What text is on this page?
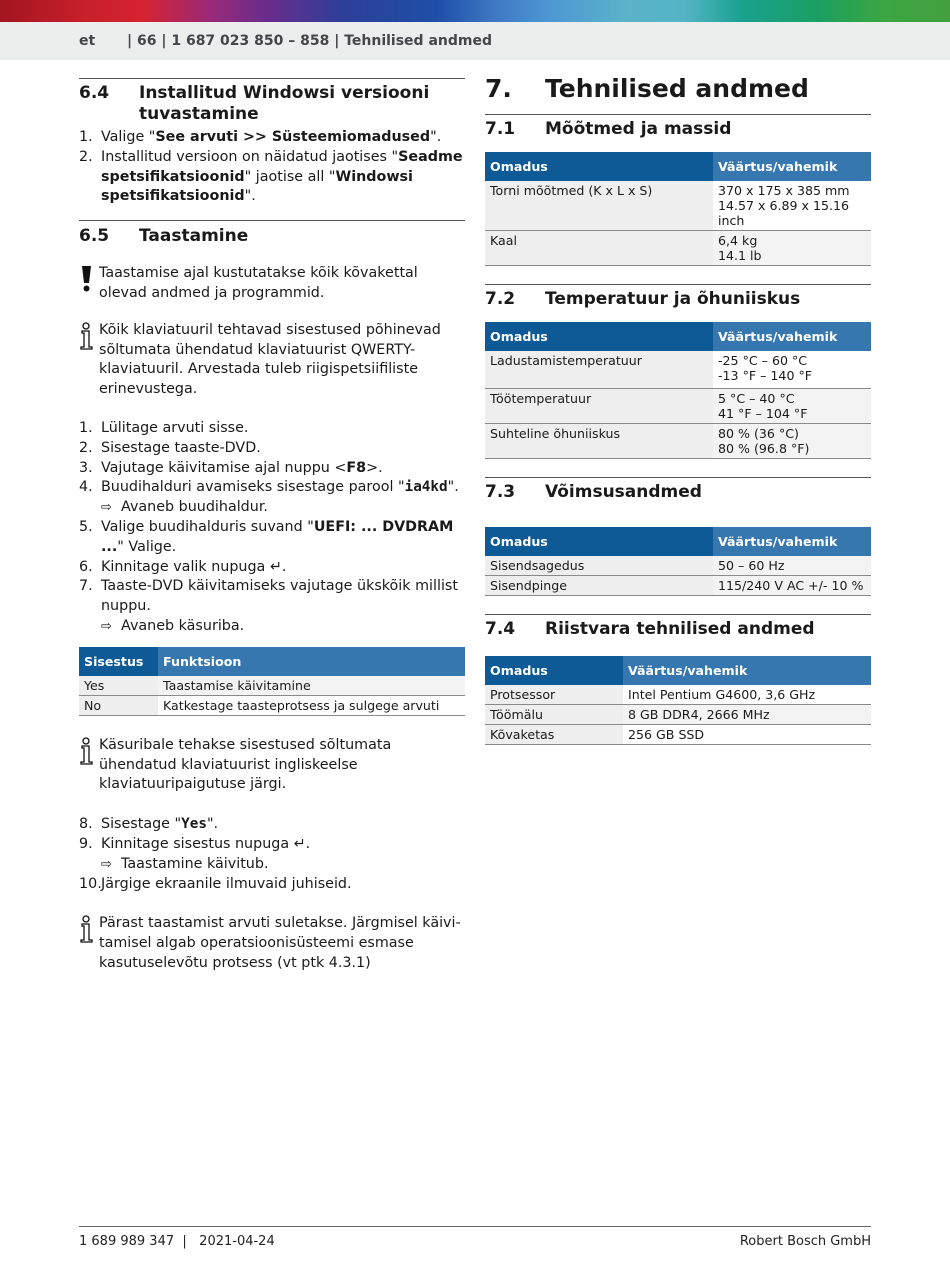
et | 66 | 1 687 023 850 – 858 | Tehnilised andmed
6.4	Installitud Windowsi versiooni tuvastamine
1. Valige "See arvuti >> Süsteemiomadused".
2. Installitud versioon on näidatud jaotises "Seadme spetsifikatsioonid" jaotise all "Windowsi spetsifikatsioonid".
6.5	Taastamine
Taastamise ajal kustutatakse kõik kõvakettal olevad andmed ja programmid.
Kõik klaviatuuril tehtavad sisestused põhinevad sõltumata ühendatud klaviatuurist QWERTY-klaviatuuril. Arvestada tuleb riigispetsiifiliste erinevustega.
1. Lülitage arvuti sisse.
2. Sisestage taaste-DVD.
3. Vajutage käivitamise ajal nuppu <F8>.
4. Buudihalduri avamiseks sisestage parool "ia4kd".
⇨ Avaneb buudihaldur.
5. Valige buudihalduris suvand "UEFI: ... DVDRAM ..." Valige.
6. Kinnitage valik nupuga ↵.
7. Taaste-DVD käivitamiseks vajutage ükskõik millist nuppu.
⇨ Avaneb käsuriba.
Sisestus	Funktsioon
Yes	Taastamise käivitamine
No	Katkestage taasteprotsess ja sulgege arvuti
Käsuribale tehakse sisestused sõltumata ühendatud klaviatuurist ingliskeelse klaviatuuripaigutuse järgi.
8. Sisestage "Yes".
9. Kinnitage sisestus nupuga ↵.
⇨ Taastamine käivitub.
10. Järgige ekraanile ilmuvaid juhiseid.
Pärast taastamist arvuti suletakse. Järgmisel käivitamisel algab operatsioonisüsteemi esmase kasutuselevõtu protsess (vt ptk 4.3.1)
7.	Tehnilised andmed
7.1	Mõõtmed ja massid
Omadus	Väärtus/vahemik
Torni mõõtmed (K x L x S)	370 x 175 x 385 mm
14.57 x 6.89 x 15.16 inch

Kaal	6,4 kg
14.1 lb
7.2	Temperatuur ja õhuniiskus
Omadus	Väärtus/vahemik
Ladustamistemperatuur	-25 °C – 60 °C
-13 °F – 140 °F

Töötemperatuur	5 °C – 40 °C
41 °F – 104 °F

Suhteline õhuniiskus	80 % (36 °C)
80 % (96.8 °F)
7.3	Võimsusandmed
Omadus	Väärtus/vahemik
Sisendsagedus	50 – 60 Hz
Sisendpinge	115/240 V AC +/- 10 %
7.4	Riistvara tehnilised andmed
Omadus	Väärtus/vahemik
Protsessor	Intel Pentium G4600, 3,6 GHz
Töömälu	8 GB DDR4, 2666 MHz
Kõvaketas	256 GB SSD
1 689 989 347 | 2021-04-24	Robert Bosch GmbH
